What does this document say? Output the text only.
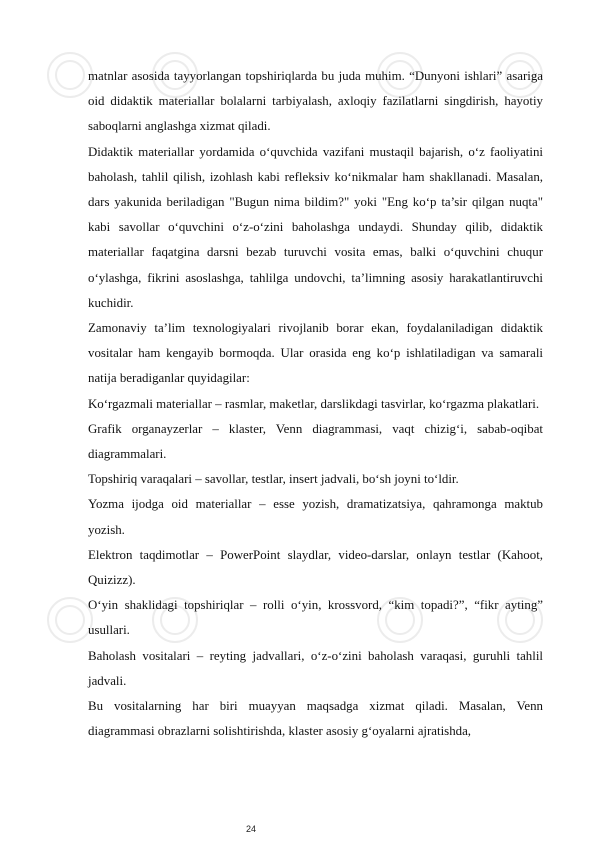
matnlar asosida tayyorlangan topshiriqlarda bu juda muhim. “Dunyoni ishlari” asariga oid didaktik materiallar bolalarni tarbiyalash, axloqiy fazilatlarni singdirish, hayotiy saboqlarni anglashga xizmat qiladi.

Didaktik materiallar yordamida o‘quvchida vazifani mustaqil bajarish, o‘z faoliyatini baholash, tahlil qilish, izohlash kabi refleksiv ko‘nikmalar ham shakllanadi. Masalan, dars yakunida beriladigan "Bugun nima bildim?" yoki "Eng ko‘p ta’sir qilgan nuqta" kabi savollar o‘quvchini o‘z-o‘zini baholashga undaydi. Shunday qilib, didaktik materiallar faqatgina darsni bezab turuvchi vosita emas, balki o‘quvchini chuqur o‘ylashga, fikrini asoslashga, tahlilga undovchi, ta’limning asosiy harakatlantiruvchi kuchidir.

Zamonaviy ta’lim texnologiyalari rivojlanib borar ekan, foydalaniladigan didaktik vositalar ham kengayib bormoqda. Ular orasida eng ko‘p ishlatiladigan va samarali natija beradiganlar quyidagilar:

Ko‘rgazmali materiallar – rasmlar, maketlar, darslikdagi tasvirlar, ko‘rgazma plakatlari.

Grafik organayzerlar – klaster, Venn diagrammasi, vaqt chizig‘i, sabab-oqibat diagrammalari.

Topshiriq varaqalari – savollar, testlar, insert jadvali, bo‘sh joyni to‘ldir.

Yozma ijodga oid materiallar – esse yozish, dramatizatsiya, qahramonga maktub yozish.

Elektron taqdimotlar – PowerPoint slaydlar, video-darslar, onlayn testlar (Kahoot, Quizizz).

O‘yin shaklidagi topshiriqlar – rolli o‘yin, krossvord, “kim topadi?”, “fikr ayting” usullari.

Baholash vositalari – reyting jadvallari, o‘z-o‘zini baholash varaqasi, guruhli tahlil jadvali.

Bu vositalarning har biri muayyan maqsadga xizmat qiladi. Masalan, Venn diagrammasi obrazlarni solishtirishda, klaster asosiy g‘oyalarni ajratishda,

24
